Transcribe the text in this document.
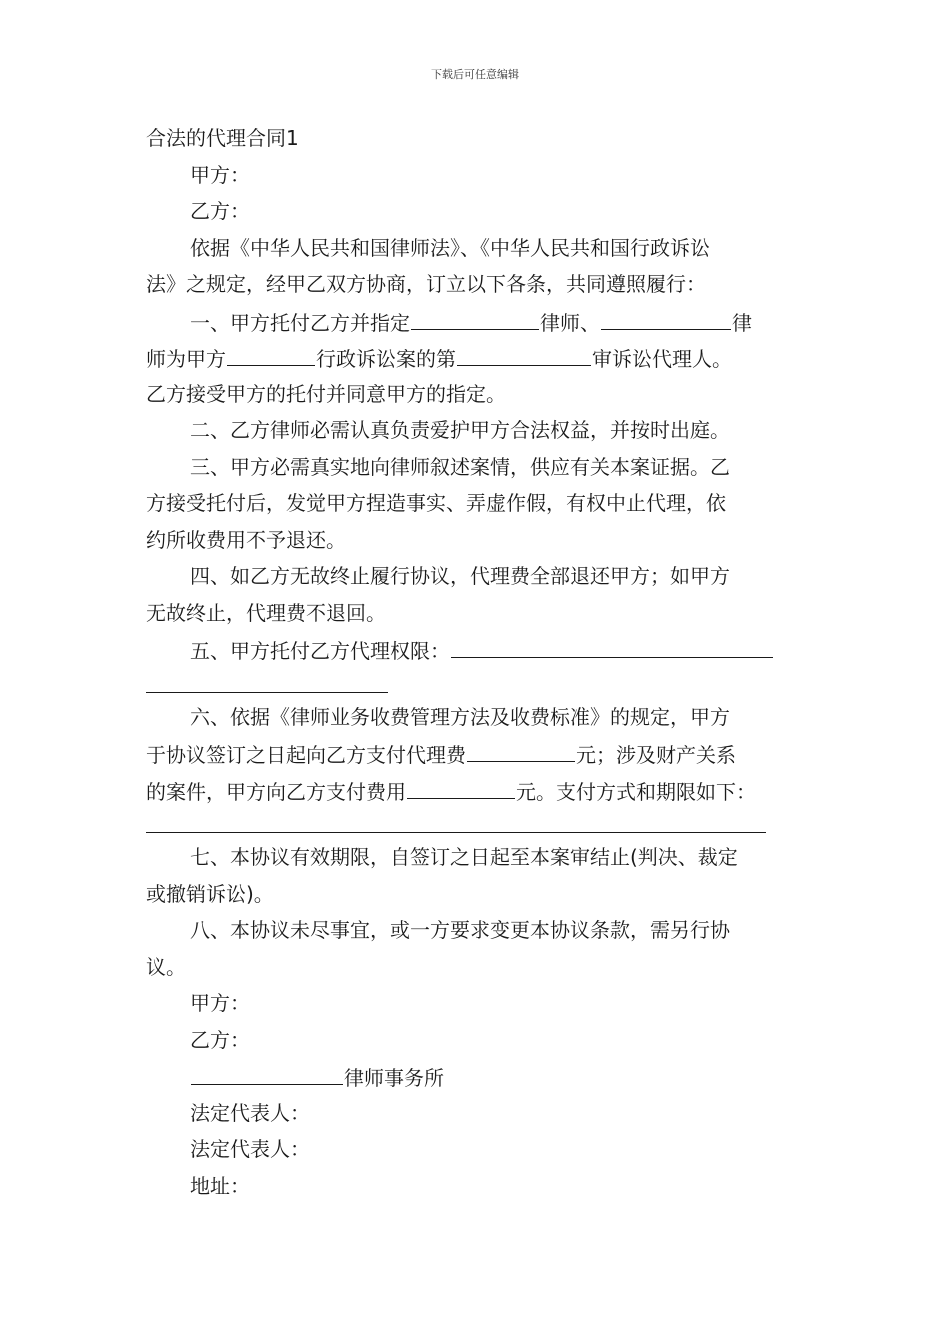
下载后可任意编辑
合法的代理合同1
甲方：
乙方：
依据《中华人民共和国律师法》、《中华人民共和国行政诉讼
法》之规定，经甲乙双方协商，订立以下各条，共同遵照履行：
一、甲方托付乙方并指定	律师、	律
师为甲方	行政诉讼案的第	审诉讼代理人。
乙方接受甲方的托付并同意甲方的指定。
二、乙方律师必需认真负责爱护甲方合法权益，并按时出庭。
三、甲方必需真实地向律师叙述案情，供应有关本案证据。乙
方接受托付后，发觉甲方捏造事实、弄虚作假，有权中止代理，依
约所收费用不予退还。
四、如乙方无故终止履行协议，代理费全部退还甲方；如甲方
无故终止，代理费不退回。
五、甲方托付乙方代理权限：
六、依据《律师业务收费管理方法及收费标准》的规定，甲方
于协议签订之日起向乙方支付代理费	元；涉及财产关系
的案件，甲方向乙方支付费用	元。支付方式和期限如下：
七、本协议有效期限，自签订之日起至本案审结止(判决、裁定
或撤销诉讼)。
八、本协议未尽事宜，或一方要求变更本协议条款，需另行协
议。
甲方：
乙方：
律师事务所
法定代表人：
法定代表人：
地址：
